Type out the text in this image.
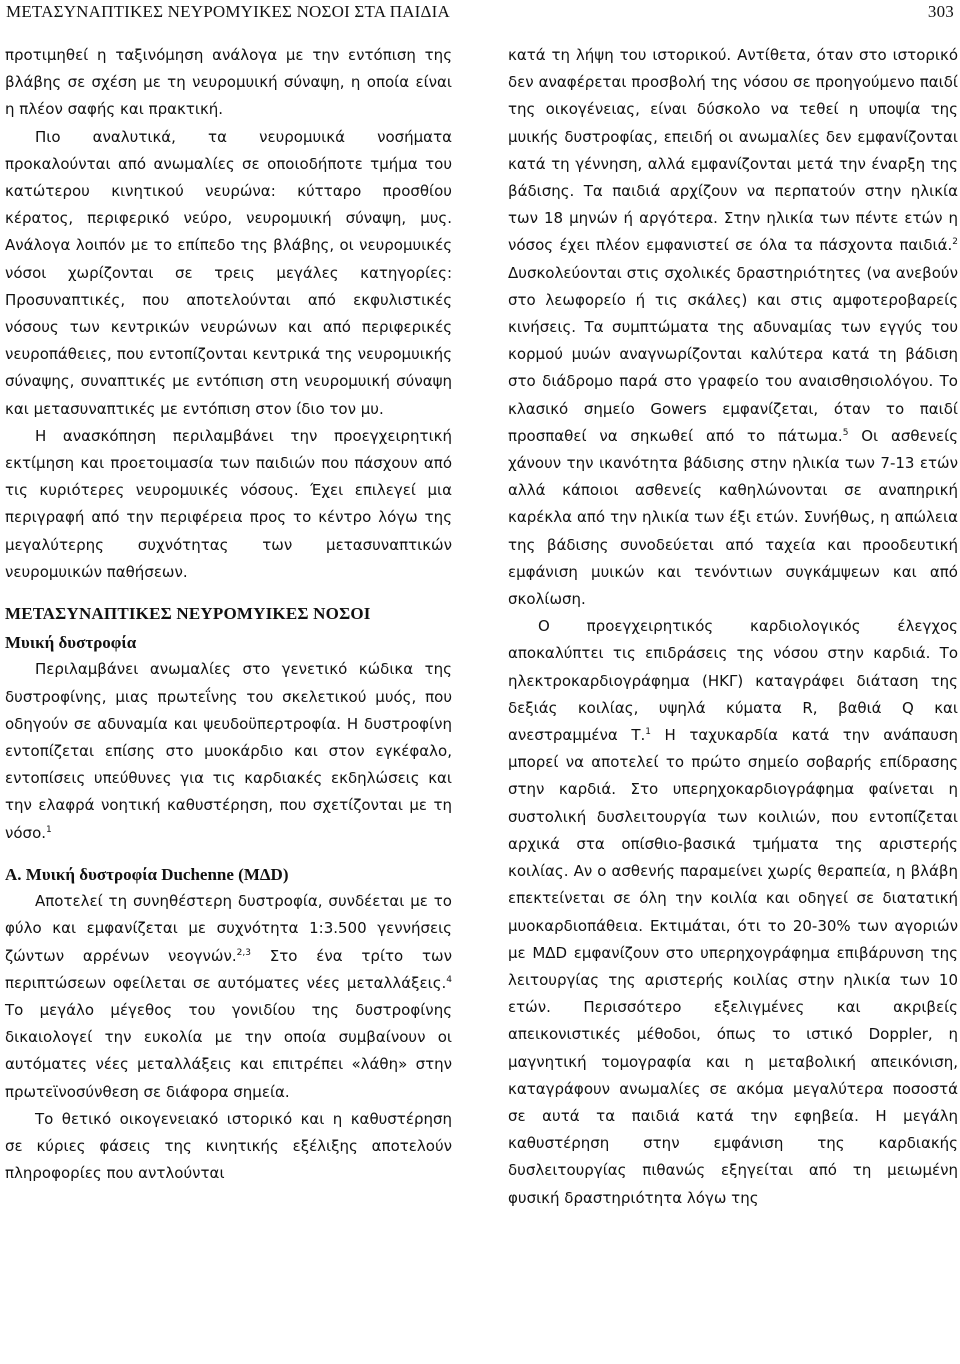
ΜΕΤΑΣΥΝΑΠΤΙΚΕΣ ΝΕΥΡΟΜΥΙΚΕΣ ΝΟΣΟΙ ΣΤΑ ΠΑΙΔΙΑ	303

προτιμηθεί η ταξινόμηση ανάλογα με την εντόπιση της βλάβης σε σχέση με τη νευρομυική σύναψη, η οποία είναι η πλέον σαφής και πρακτική.

Πιο αναλυτικά, τα νευρομυικά νοσήματα προκαλούνται από ανωμαλίες σε οποιοδήποτε τμήμα του κατώτερου κινητικού νευρώνα: κύτταρο προσθίου κέρατος, περιφερικό νεύρο, νευρομυική σύναψη, μυς. Ανάλογα λοιπόν με το επίπεδο της βλάβης, οι νευρομυικές νόσοι χωρίζονται σε τρεις μεγάλες κατηγορίες: Προσυναπτικές, που αποτελούνται από εκφυλιστικές νόσους των κεντρικών νευρώνων και από περιφερικές νευροπάθειες, που εντοπίζονται κεντρικά της νευρομυικής σύναψης, συναπτικές με εντόπιση στη νευρομυική σύναψη και μετασυναπτικές με εντόπιση στον ίδιο τον μυ.

Η ανασκόπηση περιλαμβάνει την προεγχειρητική εκτίμηση και προετοιμασία των παιδιών που πάσχουν από τις κυριότερες νευρομυικές νόσους. Έχει επιλεγεί μια περιγραφή από την περιφέρεια προς το κέντρο λόγω της μεγαλύτερης συχνότητας των μετασυναπτικών νευρομυικών παθήσεων.

ΜΕΤΑΣΥΝΑΠΤΙΚΕΣ ΝΕΥΡΟΜΥΙΚΕΣ ΝΟΣΟΙ
Μυική δυστροφία

Περιλαμβάνει ανωμαλίες στο γενετικό κώδικα της δυστροφίνης, μιας πρωτεΐνης του σκελετικού μυός, που οδηγούν σε αδυναμία και ψευδοϋπερτροφία. Η δυστροφίνη εντοπίζεται επίσης στο μυοκάρδιο και στον εγκέφαλο, εντοπίσεις υπεύθυνες για τις καρδιακές εκδηλώσεις και την ελαφρά νοητική καθυστέρηση, που σχετίζονται με τη νόσο.$^1$

Α. Μυική δυστροφία Duchenne (ΜΔD)

Αποτελεί τη συνηθέστερη δυστροφία, συνδέεται με το φύλο και εμφανίζεται με συχνότητα 1:3.500 γεννήσεις ζώντων αρρένων νεογνών.$^{2,3}$ Στο ένα τρίτο των περιπτώσεων οφείλεται σε αυτόματες νέες μεταλλάξεις.$^4$ Το μεγάλο μέγεθος του γονιδίου της δυστροφίνης δικαιολογεί την ευκολία με την οποία συμβαίνουν οι αυτόματες νέες μεταλλάξεις και επιτρέπει «λάθη» στην πρωτεϊνοσύνθεση σε διάφορα σημεία.

Το θετικό οικογενειακό ιστορικό και η καθυστέρηση σε κύριες φάσεις της κινητικής εξέλιξης αποτελούν πληροφορίες που αντλούνται

κατά τη λήψη του ιστορικού. Αντίθετα, όταν στο ιστορικό δεν αναφέρεται προσβολή της νόσου σε προηγούμενο παιδί της οικογένειας, είναι δύσκολο να τεθεί η υποψία της μυικής δυστροφίας, επειδή οι ανωμαλίες δεν εμφανίζονται κατά τη γέννηση, αλλά εμφανίζονται μετά την έναρξη της βάδισης. Τα παιδιά αρχίζουν να περπατούν στην ηλικία των 18 μηνών ή αργότερα. Στην ηλικία των πέντε ετών η νόσος έχει πλέον εμφανιστεί σε όλα τα πάσχοντα παιδιά.$^2$ Δυσκολεύονται στις σχολικές δραστηριότητες (να ανεβούν στο λεωφορείο ή τις σκάλες) και στις αμφοτεροβαρείς κινήσεις. Τα συμπτώματα της αδυναμίας των εγγύς του κορμού μυών αναγνωρίζονται καλύτερα κατά τη βάδιση στο διάδρομο παρά στο γραφείο του αναισθησιολόγου. Το κλασικό σημείο Gowers εμφανίζεται, όταν το παιδί προσπαθεί να σηκωθεί από το πάτωμα.$^5$ Οι ασθενείς χάνουν την ικανότητα βάδισης στην ηλικία των 7-13 ετών αλλά κάποιοι ασθενείς καθηλώνονται σε αναπηρική καρέκλα από την ηλικία των έξι ετών. Συνήθως, η απώλεια της βάδισης συνοδεύεται από ταχεία και προοδευτική εμφάνιση μυικών και τενόντιων συγκάμψεων και από σκολίωση.

Ο προεγχειρητικός καρδιολογικός έλεγχος αποκαλύπτει τις επιδράσεις της νόσου στην καρδιά. Το ηλεκτροκαρδιογράφημα (ΗΚΓ) καταγράφει διάταση της δεξιάς κοιλίας, υψηλά κύματα R, βαθιά Q και ανεστραμμένα Τ.$^1$ Η ταχυκαρδία κατά την ανάπαυση μπορεί να αποτελεί το πρώτο σημείο σοβαρής επίδρασης στην καρδιά. Στο υπερηχοκαρδιογράφημα φαίνεται η συστολική δυσλειτουργία των κοιλιών, που εντοπίζεται αρχικά στα οπίσθιο-βασικά τμήματα της αριστερής κοιλίας. Αν ο ασθενής παραμείνει χωρίς θεραπεία, η βλάβη επεκτείνεται σε όλη την κοιλία και οδηγεί σε διατατική μυοκαρδιοπάθεια. Εκτιμάται, ότι το 20-30% των αγοριών με ΜΔD εμφανίζουν στο υπερηχογράφημα επιβάρυνση της λειτουργίας της αριστερής κοιλίας στην ηλικία των 10 ετών. Περισσότερο εξελιγμένες και ακριβείς απεικονιστικές μέθοδοι, όπως το ιστικό Doppler, η μαγνητική τομογραφία και η μεταβολική απεικόνιση, καταγράφουν ανωμαλίες σε ακόμα μεγαλύτερα ποσοστά σε αυτά τα παιδιά κατά την εφηβεία. Η μεγάλη καθυστέρηση στην εμφάνιση της καρδιακής δυσλειτουργίας πιθανώς εξηγείται από τη μειωμένη φυσική δραστηριότητα λόγω της
